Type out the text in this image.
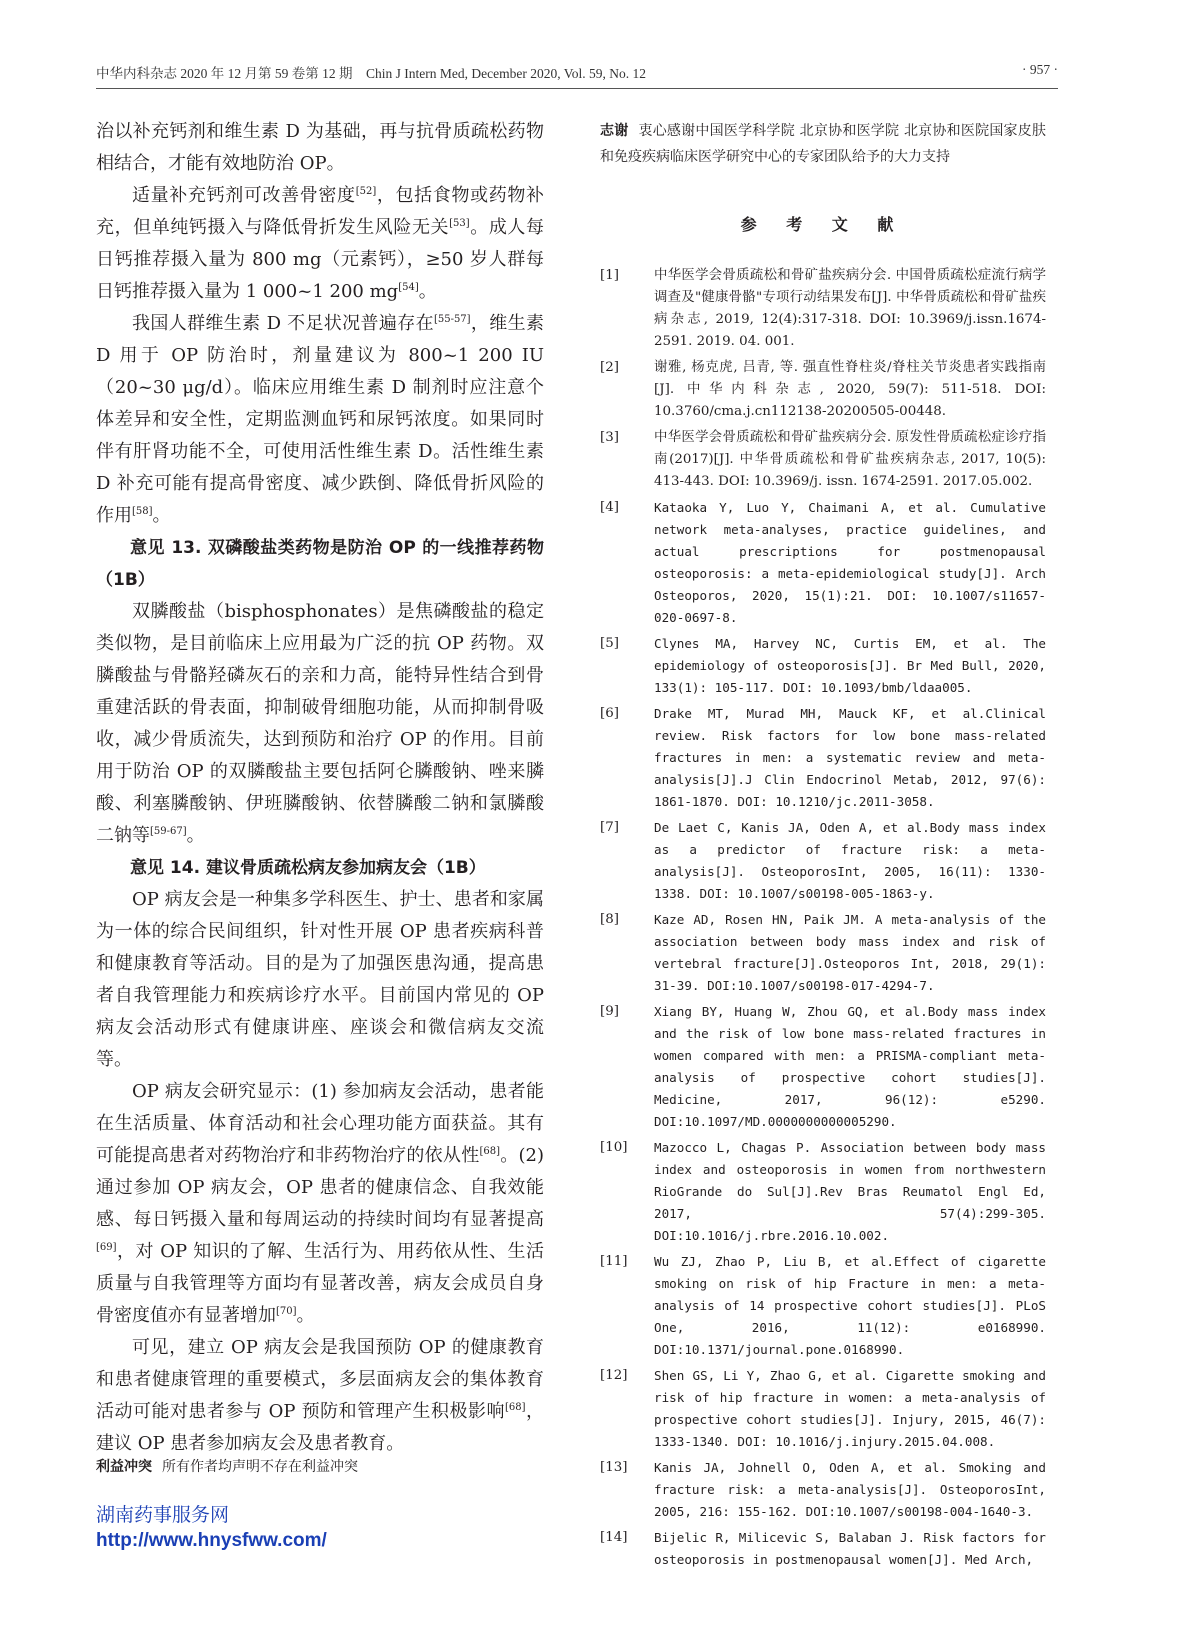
中华内科杂志 2020 年 12 月第 59 卷第 12 期　Chin J Intern Med, December 2020, Vol. 59, No. 12	· 957 ·

治以补充钙剂和维生素 D 为基础，再与抗骨质疏松药物相结合，才能有效地防治 OP。

适量补充钙剂可改善骨密度[52]，包括食物或药物补充，但单纯钙摄入与降低骨折发生风险无关[53]。成人每日钙推荐摄入量为 800 mg（元素钙），≥50 岁人群每日钙推荐摄入量为 1 000~1 200 mg[54]。

我国人群维生素 D 不足状况普遍存在[55-57]，维生素 D 用于 OP 防治时，剂量建议为 800~1 200 IU（20~30 μg/d）。临床应用维生素 D 制剂时应注意个体差异和安全性，定期监测血钙和尿钙浓度。如果同时伴有肝肾功能不全，可使用活性维生素 D。活性维生素 D 补充可能有提高骨密度、减少跌倒、降低骨折风险的作用[58]。

意见 13. 双磷酸盐类药物是防治 OP 的一线推荐药物（1B）

双膦酸盐（bisphosphonates）是焦磷酸盐的稳定类似物，是目前临床上应用最为广泛的抗 OP 药物。双膦酸盐与骨骼羟磷灰石的亲和力高，能特异性结合到骨重建活跃的骨表面，抑制破骨细胞功能，从而抑制骨吸收，减少骨质流失，达到预防和治疗 OP 的作用。目前用于防治 OP 的双膦酸盐主要包括阿仑膦酸钠、唑来膦酸、利塞膦酸钠、伊班膦酸钠、依替膦酸二钠和氯膦酸二钠等[59-67]。

意见 14. 建议骨质疏松病友参加病友会（1B）

OP 病友会是一种集多学科医生、护士、患者和家属为一体的综合民间组织，针对性开展 OP 患者疾病科普和健康教育等活动。目的是为了加强医患沟通，提高患者自我管理能力和疾病诊疗水平。目前国内常见的 OP 病友会活动形式有健康讲座、座谈会和微信病友交流等。

OP 病友会研究显示：(1) 参加病友会活动，患者能在生活质量、体育活动和社会心理功能方面获益。其有可能提高患者对药物治疗和非药物治疗的依从性[68]。(2) 通过参加 OP 病友会，OP 患者的健康信念、自我效能感、每日钙摄入量和每周运动的持续时间均有显著提高[69]，对 OP 知识的了解、生活行为、用药依从性、生活质量与自我管理等方面均有显著改善，病友会成员自身骨密度值亦有显著增加[70]。

可见，建立 OP 病友会是我国预防 OP 的健康教育和患者健康管理的重要模式，多层面病友会的集体教育活动可能对患者参与 OP 预防和管理产生积极影响[68]，建议 OP 患者参加病友会及患者教育。

利益冲突 所有作者均声明不存在利益冲突

志谢 衷心感谢中国医学科学院 北京协和医学院 北京协和医院国家皮肤和免疫疾病临床医学研究中心的专家团队给予的大力支持

参 考 文 献
[1]	中华医学会骨质疏松和骨矿盐疾病分会. 中国骨质疏松症流行病学调查及"健康骨骼"专项行动结果发布[J]. 中华骨质疏松和骨矿盐疾病杂志, 2019, 12(4):317-318. DOI: 10.3969/j.issn.1674-2591. 2019. 04. 001.
[2]	谢雅, 杨克虎, 吕青, 等. 强直性脊柱炎/脊柱关节炎患者实践指南 [J]. 中华内科杂志, 2020, 59(7): 511-518. DOI: 10.3760/cma.j.cn112138-20200505-00448.
[3]	中华医学会骨质疏松和骨矿盐疾病分会. 原发性骨质疏松症诊疗指南(2017)[J]. 中华骨质疏松和骨矿盐疾病杂志, 2017, 10(5): 413-443. DOI: 10.3969/j. issn. 1674-2591. 2017.05.002.
[4]	Kataoka Y, Luo Y, Chaimani A, et al. Cumulative network meta-analyses, practice guidelines, and actual prescriptions for postmenopausal osteoporosis: a meta-epidemiological study[J]. Arch Osteoporos, 2020, 15(1):21. DOI: 10.1007/s11657-020-0697-8.
[5]	Clynes MA, Harvey NC, Curtis EM, et al. The epidemiology of osteoporosis[J]. Br Med Bull, 2020, 133(1): 105-117. DOI: 10.1093/bmb/ldaa005.
[6]	Drake MT, Murad MH, Mauck KF, et al.Clinical review. Risk factors for low bone mass-related fractures in men: a systematic review and meta-analysis[J].J Clin Endocrinol Metab, 2012, 97(6): 1861-1870. DOI: 10.1210/jc.2011-3058.
[7]	De Laet C, Kanis JA, Oden A, et al.Body mass index as a predictor of fracture risk: a meta-analysis[J]. OsteoporosInt, 2005, 16(11): 1330-1338. DOI: 10.1007/s00198-005-1863-y.
[8]	Kaze AD, Rosen HN, Paik JM. A meta-analysis of the association between body mass index and risk of vertebral fracture[J].Osteoporos Int, 2018, 29(1): 31-39. DOI:10.1007/s00198-017-4294-7.
[9]	Xiang BY, Huang W, Zhou GQ, et al.Body mass index and the risk of low bone mass-related fractures in women compared with men: a PRISMA-compliant meta-analysis of prospective cohort studies[J]. Medicine, 2017, 96(12): e5290. DOI:10.1097/MD.0000000000005290.
[10]	Mazocco L, Chagas P. Association between body mass index and osteoporosis in women from northwestern RioGrande do Sul[J].Rev Bras Reumatol Engl Ed, 2017, 57(4):299-305. DOI:10.1016/j.rbre.2016.10.002.
[11]	Wu ZJ, Zhao P, Liu B, et al.Effect of cigarette smoking on risk of hip Fracture in men: a meta-analysis of 14 prospective cohort studies[J]. PLoS One, 2016, 11(12): e0168990. DOI:10.1371/journal.pone.0168990.
[12]	Shen GS, Li Y, Zhao G, et al. Cigarette smoking and risk of hip fracture in women: a meta-analysis of prospective cohort studies[J]. Injury, 2015, 46(7): 1333-1340. DOI: 10.1016/j.injury.2015.04.008.
[13]	Kanis JA, Johnell O, Oden A, et al. Smoking and fracture risk: a meta-analysis[J]. OsteoporosInt, 2005, 216: 155-162. DOI:10.1007/s00198-004-1640-3.
[14]	Bijelic R, Milicevic S, Balaban J. Risk factors for osteoporosis in postmenopausal women[J]. Med Arch,
湖南药事服务网
http://www.hnysfww.com/
